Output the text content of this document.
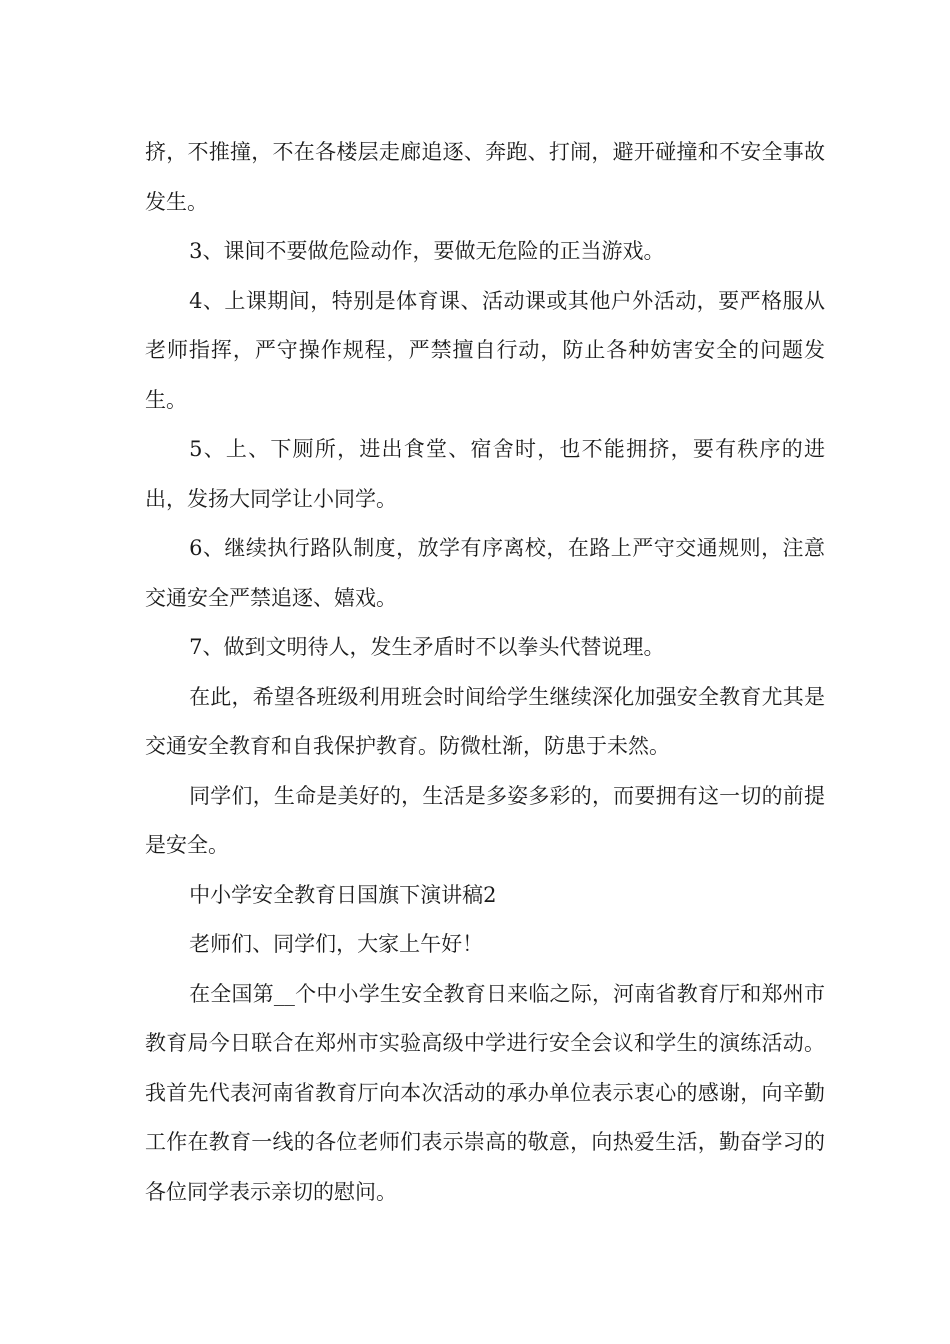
挤，不推撞，不在各楼层走廊追逐、奔跑、打闹，避开碰撞和不安全事故发生。

3、课间不要做危险动作，要做无危险的正当游戏。

4、上课期间，特别是体育课、活动课或其他户外活动，要严格服从老师指挥，严守操作规程，严禁擅自行动，防止各种妨害安全的问题发生。

5、上、下厕所，进出食堂、宿舍时，也不能拥挤，要有秩序的进出，发扬大同学让小同学。

6、继续执行路队制度，放学有序离校，在路上严守交通规则，注意交通安全严禁追逐、嬉戏。

7、做到文明待人，发生矛盾时不以拳头代替说理。

在此，希望各班级利用班会时间给学生继续深化加强安全教育尤其是交通安全教育和自我保护教育。防微杜渐，防患于未然。

同学们，生命是美好的，生活是多姿多彩的，而要拥有这一切的前提是安全。

中小学安全教育日国旗下演讲稿2

老师们、同学们，大家上午好！

在全国第__个中小学生安全教育日来临之际，河南省教育厅和郑州市教育局今日联合在郑州市实验高级中学进行安全会议和学生的演练活动。我首先代表河南省教育厅向本次活动的承办单位表示衷心的感谢，向辛勤工作在教育一线的各位老师们表示崇高的敬意，向热爱生活，勤奋学习的各位同学表示亲切的慰问。
